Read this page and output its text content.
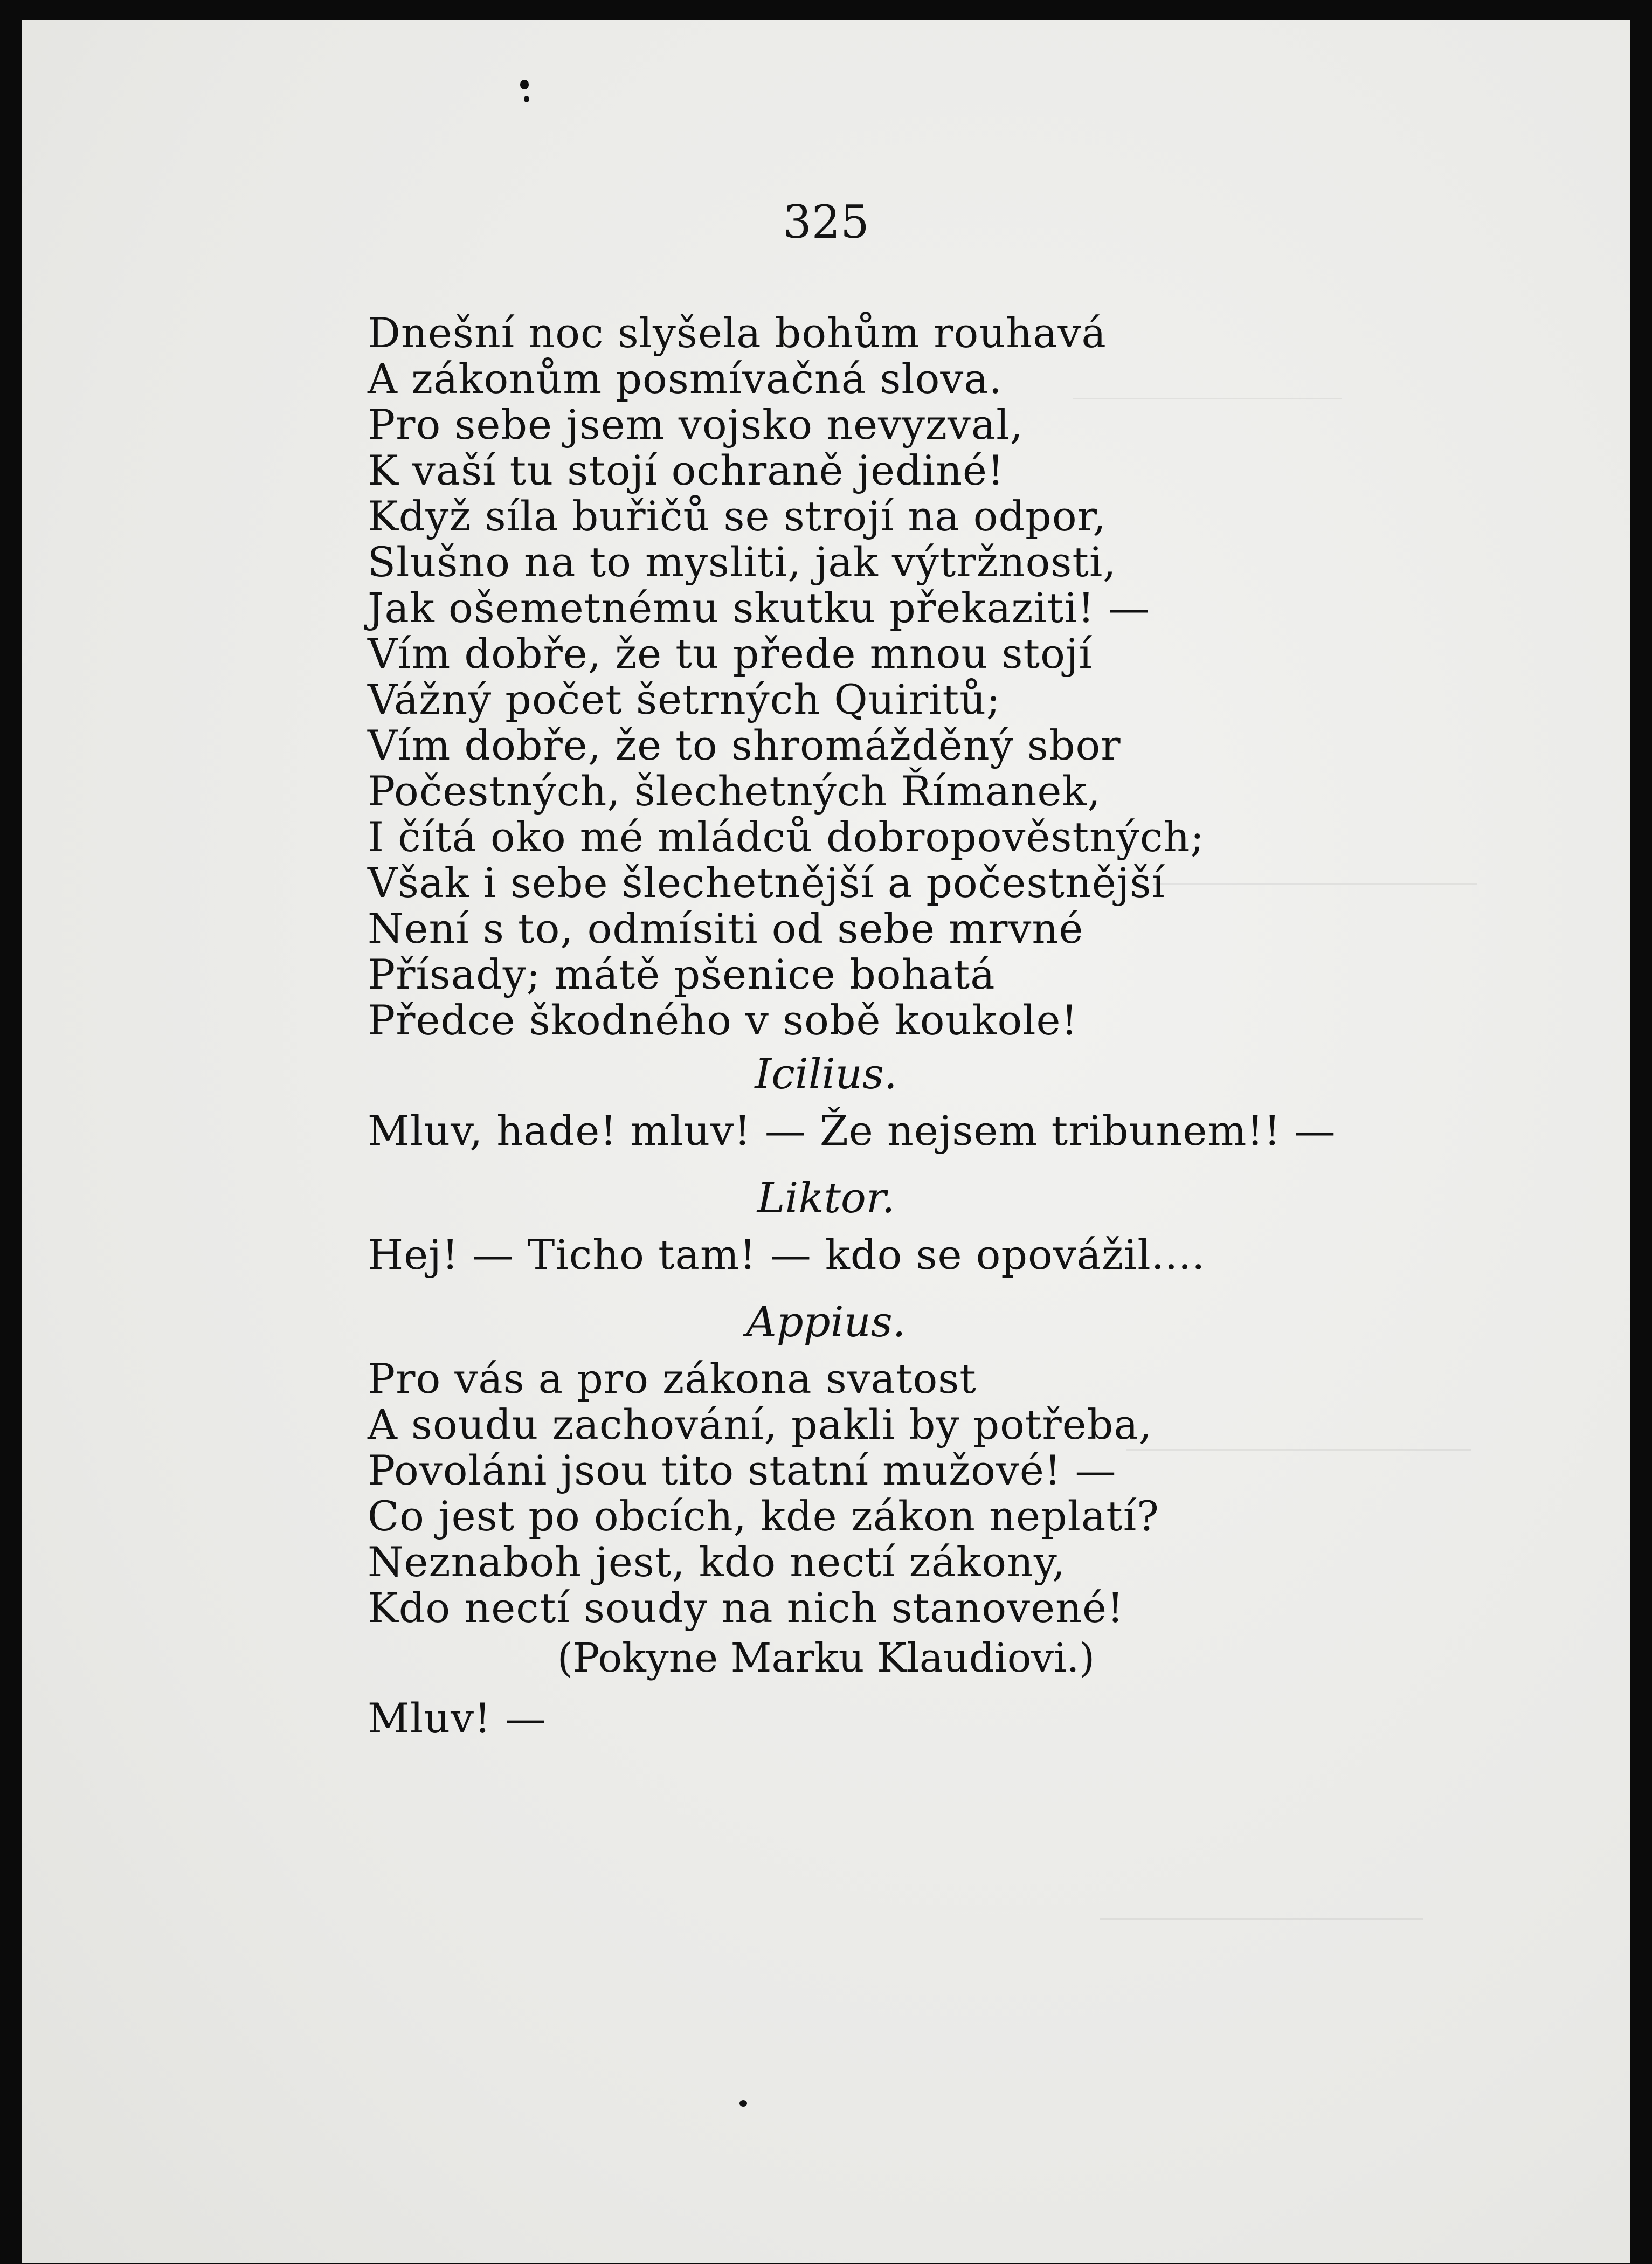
325
Dnešní noc slyšela bohům rouhavá
A zákonům posmívačná slova.
Pro sebe jsem vojsko nevyzval,
K vaší tu stojí ochraně jediné!
Když síla buřičů se strojí na odpor,
Slušno na to mysliti, jak výtržnosti,
Jak ošemetnému skutku překaziti! —
Vím dobře, že tu přede mnou stojí
Vážný počet šetrných Quiritů;
Vím dobře, že to shromážděný sbor
Počestných, šlechetných Římanek,
I čítá oko mé mládců dobropověstných;
Však i sebe šlechetnější a počestnější
Není s to, odmísiti od sebe mrvné
Přísady; mátě pšenice bohatá
Předce škodného v sobě koukole!
Icilius.
Mluv, hade! mluv! — Že nejsem tribunem!! —
Liktor.
Hej! — Ticho tam! — kdo se opovážil....
Appius.
Pro vás a pro zákona svatost
A soudu zachování, pakli by potřeba,
Povoláni jsou tito statní mužové! —
Co jest po obcích, kde zákon neplatí?
Neznaboh jest, kdo nectí zákony,
Kdo nectí soudy na nich stanovené!
(Pokyne Marku Klaudiovi.)
Mluv! —
